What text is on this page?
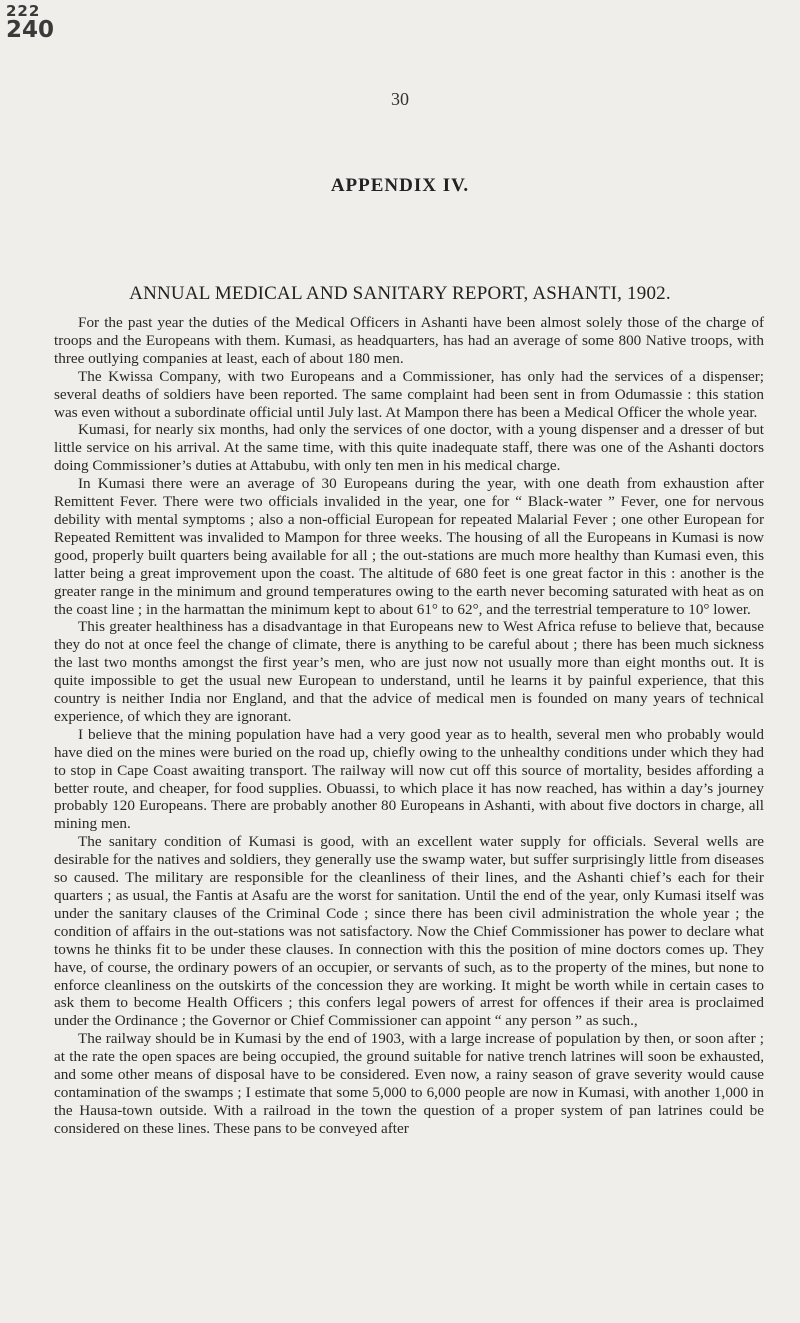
222
240
30
APPENDIX IV.
ANNUAL MEDICAL AND SANITARY REPORT, ASHANTI, 1902.

For the past year the duties of the Medical Officers in Ashanti have been almost solely those of the charge of troops and the Europeans with them. Kumasi, as headquarters, has had an average of some 800 Native troops, with three outlying companies at least, each of about 180 men.

The Kwissa Company, with two Europeans and a Commissioner, has only had the services of a dispenser; several deaths of soldiers have been reported. The same complaint had been sent in from Odumassie : this station was even without a subordinate official until July last. At Mampon there has been a Medical Officer the whole year.

Kumasi, for nearly six months, had only the services of one doctor, with a young dispenser and a dresser of but little service on his arrival. At the same time, with this quite inadequate staff, there was one of the Ashanti doctors doing Commissioner’s duties at Attabubu, with only ten men in his medical charge.

In Kumasi there were an average of 30 Europeans during the year, with one death from exhaustion after Remittent Fever. There were two officials invalided in the year, one for “ Black-water ” Fever, one for nervous debility with mental symptoms ; also a non-official European for repeated Malarial Fever ; one other European for Repeated Remittent was invalided to Mampon for three weeks. The housing of all the Europeans in Kumasi is now good, properly built quarters being available for all ; the out-stations are much more healthy than Kumasi even, this latter being a great improvement upon the coast. The altitude of 680 feet is one great factor in this : another is the greater range in the minimum and ground temperatures owing to the earth never becoming saturated with heat as on the coast line ; in the harmattan the minimum kept to about 61° to 62°, and the terrestrial temperature to 10° lower.

This greater healthiness has a disadvantage in that Europeans new to West Africa refuse to believe that, because they do not at once feel the change of climate, there is anything to be careful about ; there has been much sickness the last two months amongst the first year’s men, who are just now not usually more than eight months out. It is quite impossible to get the usual new European to understand, until he learns it by painful experience, that this country is neither India nor England, and that the advice of medical men is founded on many years of technical experience, of which they are ignorant.

I believe that the mining population have had a very good year as to health, several men who probably would have died on the mines were buried on the road up, chiefly owing to the unhealthy conditions under which they had to stop in Cape Coast awaiting transport. The railway will now cut off this source of mortality, besides affording a better route, and cheaper, for food supplies. Obuassi, to which place it has now reached, has within a day’s journey probably 120 Europeans. There are probably another 80 Europeans in Ashanti, with about five doctors in charge, all mining men.

The sanitary condition of Kumasi is good, with an excellent water supply for officials. Several wells are desirable for the natives and soldiers, they generally use the swamp water, but suffer surprisingly little from diseases so caused. The military are responsible for the cleanliness of their lines, and the Ashanti chief’s each for their quarters ; as usual, the Fantis at Asafu are the worst for sanitation. Until the end of the year, only Kumasi itself was under the sanitary clauses of the Criminal Code ; since there has been civil administration the whole year ; the condition of affairs in the out-stations was not satisfactory. Now the Chief Commissioner has power to declare what towns he thinks fit to be under these clauses. In connection with this the position of mine doctors comes up. They have, of course, the ordinary powers of an occupier, or servants of such, as to the property of the mines, but none to enforce cleanliness on the outskirts of the concession they are working. It might be worth while in certain cases to ask them to become Health Officers ; this confers legal powers of arrest for offences if their area is proclaimed under the Ordinance ; the Governor or Chief Commissioner can appoint “ any person ” as such.,

The railway should be in Kumasi by the end of 1903, with a large increase of population by then, or soon after ; at the rate the open spaces are being occupied, the ground suitable for native trench latrines will soon be exhausted, and some other means of disposal have to be considered. Even now, a rainy season of grave severity would cause contamination of the swamps ; I estimate that some 5,000 to 6,000 people are now in Kumasi, with another 1,000 in the Hausa-town outside. With a railroad in the town the question of a proper system of pan latrines could be considered on these lines. These pans to be conveyed after
